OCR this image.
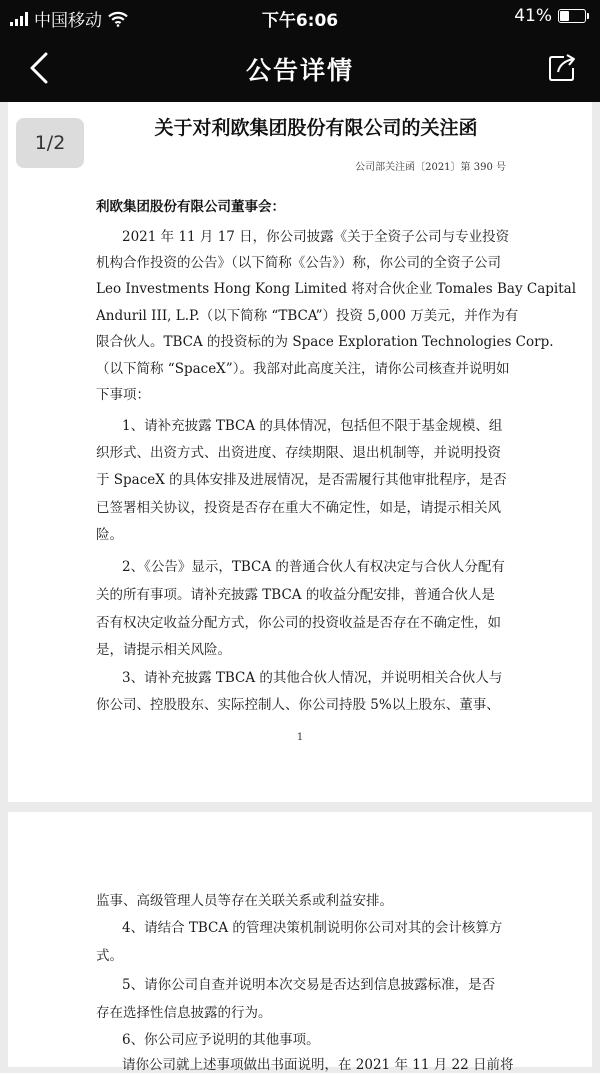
中国移动	下午6:06	41%
公告详情
1/2
关于对利欧集团股份有限公司的关注函
公司部关注函〔2021〕第 390 号
利欧集团股份有限公司董事会：
2021 年 11 月 17 日，你公司披露《关于全资子公司与专业投资
机构合作投资的公告》（以下简称《公告》）称，你公司的全资子公司
Leo Investments Hong Kong Limited 将对合伙企业 Tomales Bay Capital
Anduril III, L.P.（以下简称 “TBCA”）投资 5,000 万美元，并作为有
限合伙人。TBCA 的投资标的为 Space Exploration Technologies Corp.
（以下简称 “SpaceX”）。我部对此高度关注，请你公司核查并说明如
下事项：
1、请补充披露 TBCA 的具体情况，包括但不限于基金规模、组
织形式、出资方式、出资进度、存续期限、退出机制等，并说明投资
于 SpaceX 的具体安排及进展情况，是否需履行其他审批程序，是否
已签署相关协议，投资是否存在重大不确定性，如是，请提示相关风
险。
2、《公告》显示，TBCA 的普通合伙人有权决定与合伙人分配有
关的所有事项。请补充披露 TBCA 的收益分配安排，普通合伙人是
否有权决定收益分配方式，你公司的投资收益是否存在不确定性，如
是，请提示相关风险。
3、请补充披露 TBCA 的其他合伙人情况，并说明相关合伙人与
你公司、控股股东、实际控制人、你公司持股 5%以上股东、董事、
1
监事、高级管理人员等存在关联关系或利益安排。
4、请结合 TBCA 的管理决策机制说明你公司对其的会计核算方
式。
5、请你公司自查并说明本次交易是否达到信息披露标准，是否
存在选择性信息披露的行为。
6、你公司应予说明的其他事项。
请你公司就上述事项做出书面说明，在 2021 年 11 月 22 日前将
